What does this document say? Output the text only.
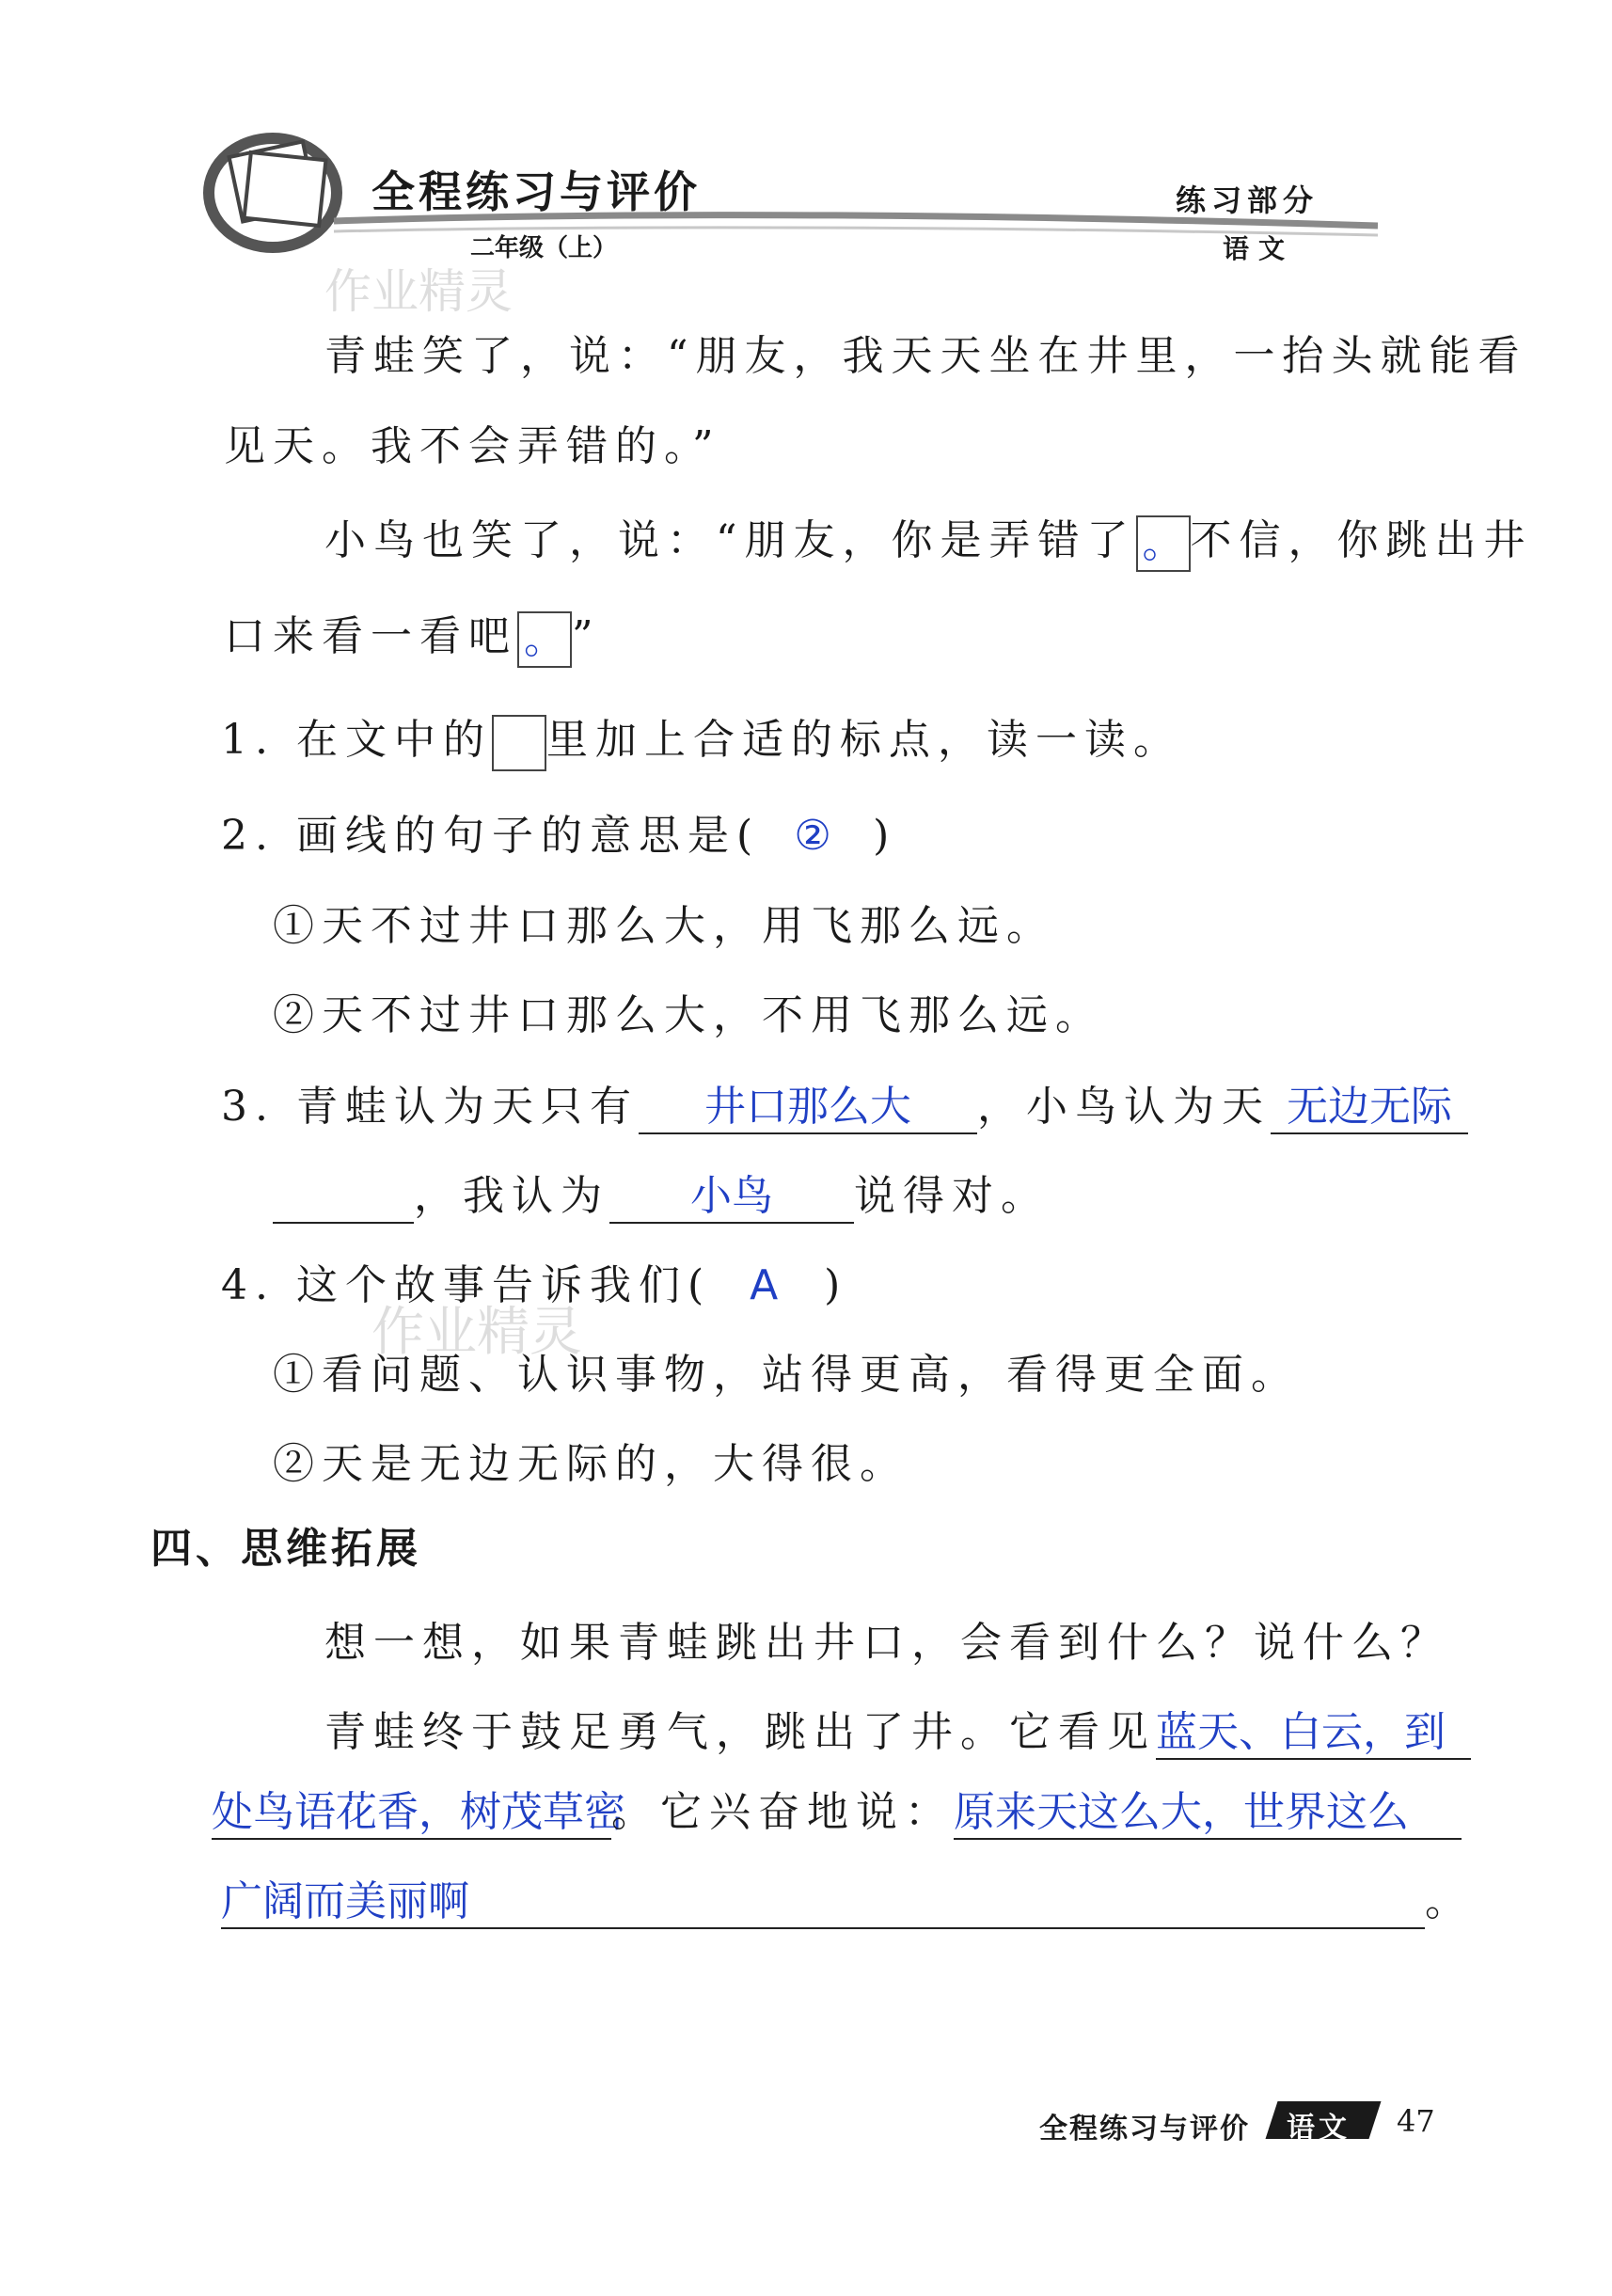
全程练习与评价
二年级（上）
练习部分
语文
作业精灵
作业精灵
青蛙笑了，说：“朋友，我天天坐在井里，一抬头就能看
见天。我不会弄错的。”
小鸟也笑了，说：“朋友，你是弄错了 。 不信，你跳出井
口来看一看吧 。 ”
1. 在文中的 里加上合适的标点，读一读。
2. 画线的句子的意思是( ② )
①天不过井口那么大，用飞那么远。
②天不过井口那么大，不用飞那么远。
3. 青蛙认为天只有 井口那么大 ，小鸟认为天 无边无际
，我认为 小鸟 说得对。
4. 这个故事告诉我们( A )
①看问题、认识事物，站得更高，看得更全面。
②天是无边无际的，大得很。
四、思维拓展
想一想，如果青蛙跳出井口，会看到什么？说什么？
青蛙终于鼓足勇气，跳出了井。它看见蓝天、白云，到
处鸟语花香，树茂草密。它兴奋地说：原来天这么大，世界这么
广阔而美丽啊	。
全程练习与评价 语文 47
